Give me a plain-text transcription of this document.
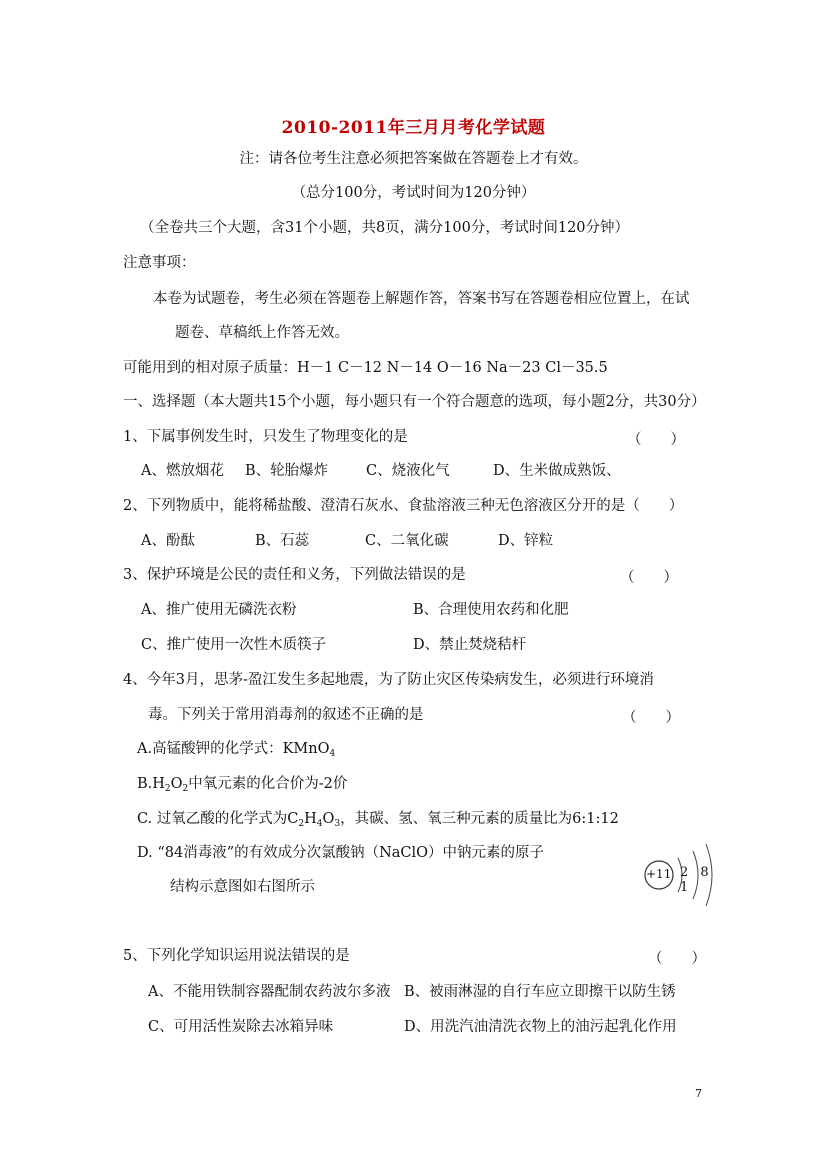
2010-2011年三月月考化学试题
注：请各位考生注意必须把答案做在答题卷上才有效。
（总分100分，考试时间为120分钟）
（全卷共三个大题，含31个小题，共8页，满分100分，考试时间120分钟）
注意事项：
本卷为试题卷，考生必须在答题卷上解题作答，答案书写在答题卷相应位置上，在试
题卷、草稿纸上作答无效。
可能用到的相对原子质量：H－1 C－12 N－14 O－16 Na－23 Cl－35.5
一、选择题（本大题共15个小题，每小题只有一个符合题意的选项，每小题2分，共30分）
1、下属事例发生时，只发生了物理变化的是	（　　）
A、燃放烟花 B、轮胎爆炸	C、烧液化气	D、生米做成熟饭、
2、下列物质中，能将稀盐酸、澄清石灰水、食盐溶液三种无色溶液区分开的是（　　）
A、酚酞	B、石蕊	C、二氧化碳	D、锌粒
3、保护环境是公民的责任和义务，下列做法错误的是	（　　）
A、推广使用无磷洗衣粉	B、合理使用农药和化肥
C、推广使用一次性木质筷子	D、禁止焚烧秸杆
4、今年3月，思茅-盈江发生多起地震，为了防止灾区传染病发生，必须进行环境消
毒。下列关于常用消毒剂的叙述不正确的是	（　　）
A.高锰酸钾的化学式：KMnO$_4$
$B.H_2O_2$中氧元素的化合价为-2价
C. 过氧乙酸的化学式为$C_2H_4O_3$，其碳、氢、氧三种元素的质量比为6:1:12
D. “84消毒液”的有效成分次氯酸钠（NaClO）中钠元素的原子
结构示意图如右图所示
+11 2 8 1
5、下列化学知识运用说法错误的是	（　　）
A、不能用铁制容器配制农药波尔多液 B、被雨淋湿的自行车应立即擦干以防生锈
C、可用活性炭除去冰箱异味	D、用洗汽油清洗衣物上的油污起乳化作用
7
